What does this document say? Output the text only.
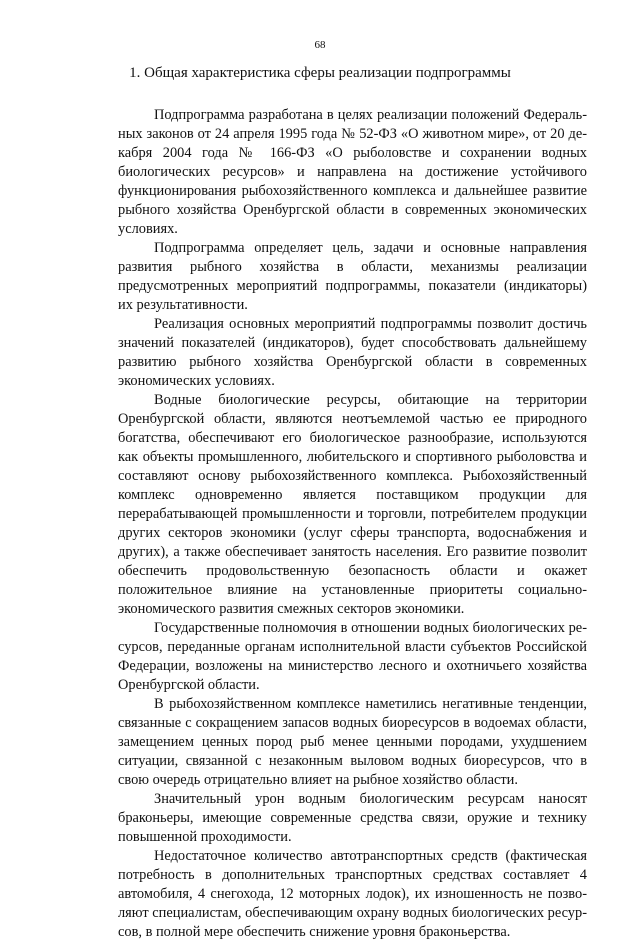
68
1. Общая характеристика сферы реализации подпрограммы

Подпрограмма разработана в целях реализации положений Федеральных законов от 24 апреля 1995 года № 52-ФЗ «О животном мире», от 20 декабря 2004 года № 166-ФЗ «О рыболовстве и сохранении водных биологических ресурсов» и направлена на достижение устойчивого функционирования рыбохозяйственного комплекса и дальнейшее развитие рыбного хозяйства Оренбургской области в современных экономических условиях.

Подпрограмма определяет цель, задачи и основные направления развития рыбного хозяйства в области, механизмы реализации предусмотренных мероприятий подпрограммы, показатели (индикаторы) их результативности.

Реализация основных мероприятий подпрограммы позволит достичь значений показателей (индикаторов), будет способствовать дальнейшему развитию рыбного хозяйства Оренбургской области в современных экономических условиях.

Водные биологические ресурсы, обитающие на территории Оренбургской области, являются неотъемлемой частью ее природного богатства, обеспечивают его биологическое разнообразие, используются как объекты промышленного, любительского и спортивного рыболовства и составляют основу рыбохозяйственного комплекса. Рыбохозяйственный комплекс одновременно является поставщиком продукции для перерабатывающей промышленности и торговли, потребителем продукции других секторов экономики (услуг сферы транспорта, водоснабжения и других), а также обеспечивает занятость населения. Его развитие позволит обеспечить продовольственную безопасность области и окажет положительное влияние на установленные приоритеты социально-экономического развития смежных секторов экономики.

Государственные полномочия в отношении водных биологических ресурсов, переданные органам исполнительной власти субъектов Российской Федерации, возложены на министерство лесного и охотничьего хозяйства Оренбургской области.

В рыбохозяйственном комплексе наметились негативные тенденции, связанные с сокращением запасов водных биоресурсов в водоемах области, замещением ценных пород рыб менее ценными породами, ухудшением ситуации, связанной с незаконным выловом водных биоресурсов, что в свою очередь отрицательно влияет на рыбное хозяйство области.

Значительный урон водным биологическим ресурсам наносят браконьеры, имеющие современные средства связи, оружие и технику повышенной проходимости.

Недостаточное количество автотранспортных средств (фактическая потребность в дополнительных транспортных средствах составляет 4 автомобиля, 4 снегохода, 12 моторных лодок), их изношенность не позволяют специалистам, обеспечивающим охрану водных биологических ресурсов, в полной мере обеспечить снижение уровня браконьерства.
